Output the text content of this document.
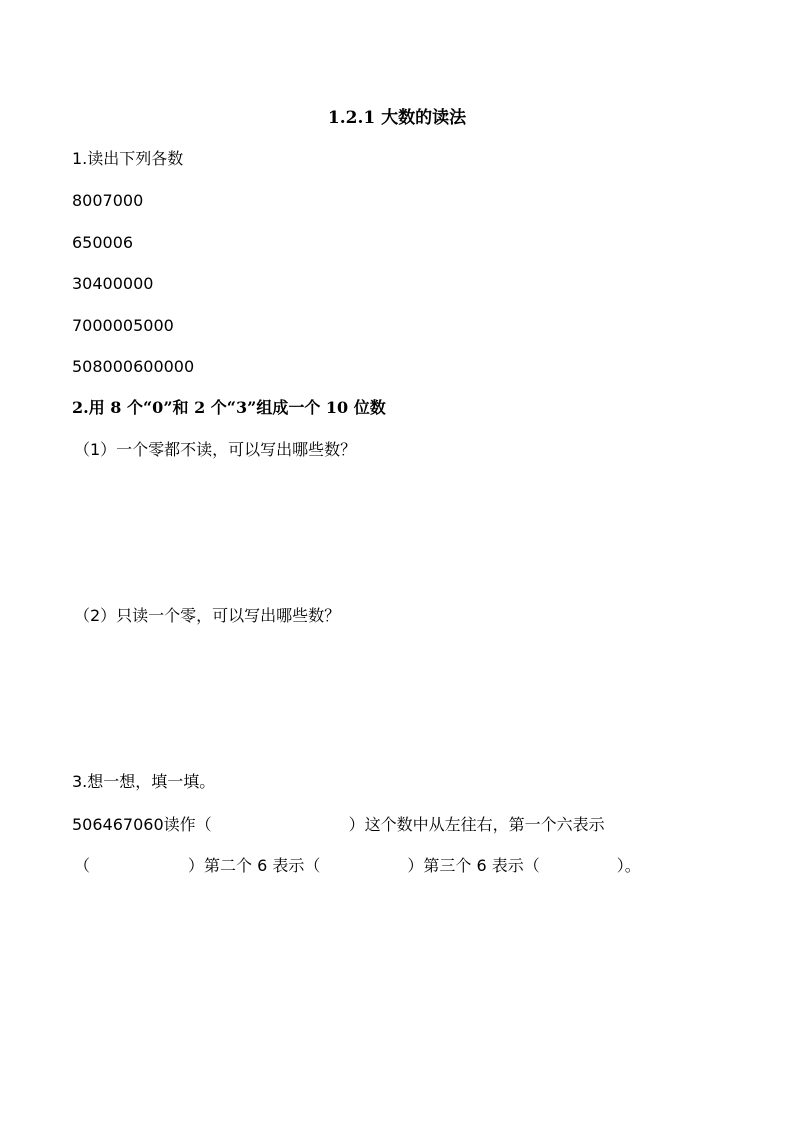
1.2.1 大数的读法
1.读出下列各数
8007000
650006
30400000
7000005000
508000600000
2.用 8 个“0”和 2 个“3”组成一个 10 位数
（1）一个零都不读，可以写出哪些数？
（2）只读一个零，可以写出哪些数？
3.想一想，填一填。
506467060读作（	）这个数中从左往右，第一个六表示
（	）第二个 6 表示（	）第三个 6 表示（	）。
